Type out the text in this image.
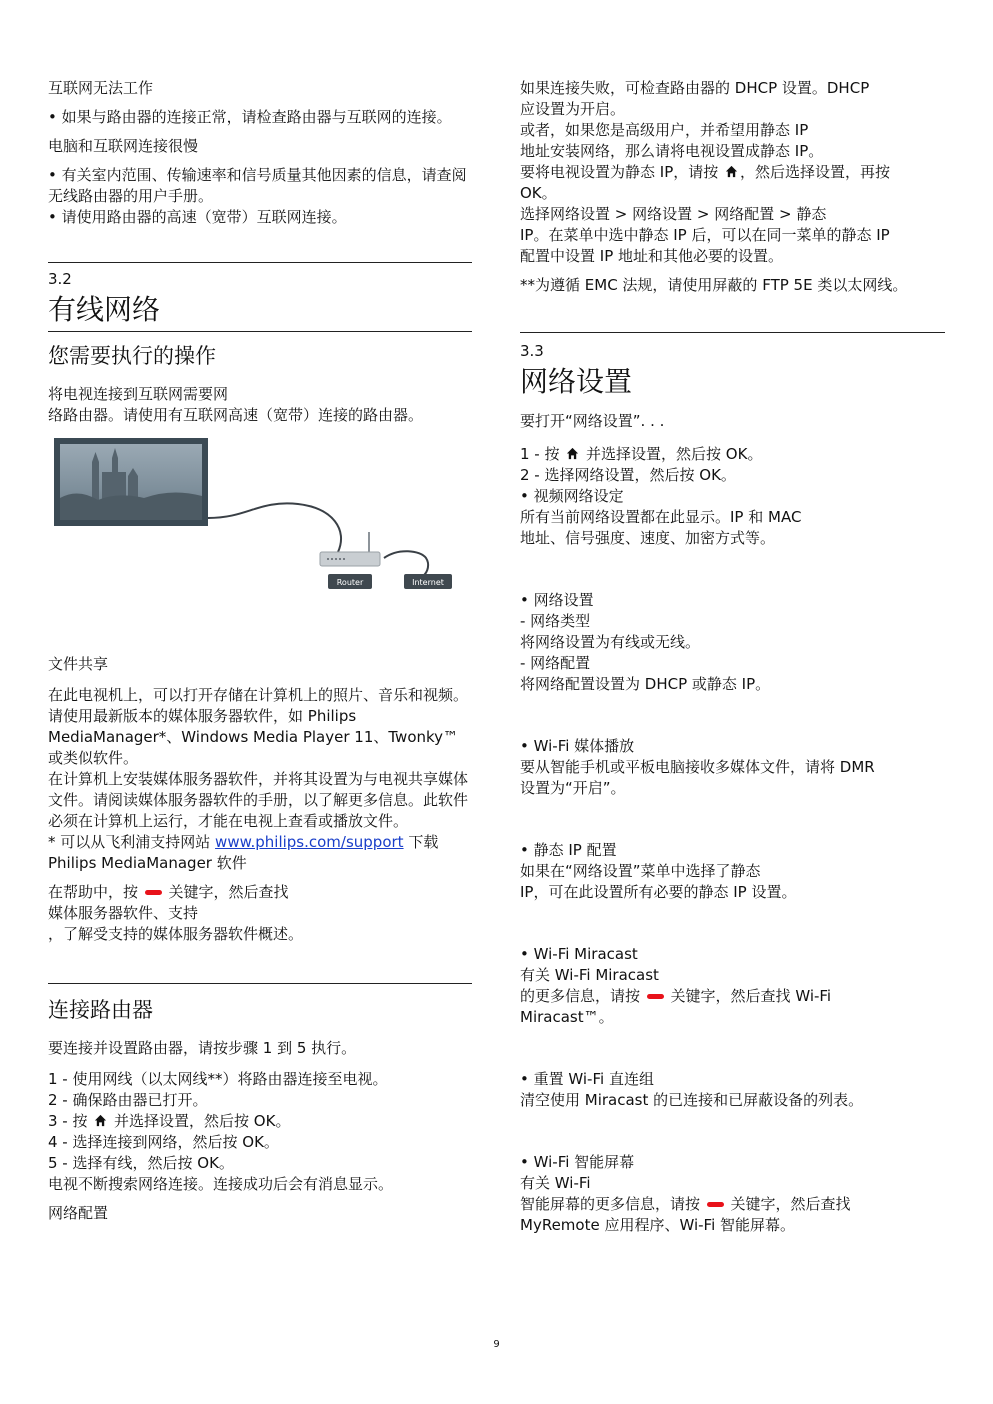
互联网无法工作

• 如果与路由器的连接正常，请检查路由器与互联网的连接。

电脑和互联网连接很慢

• 有关室内范围、传输速率和信号质量其他因素的信息，请查阅无线路由器的用户手册。
• 请使用路由器的高速（宽带）互联网连接。
3.2
有线网络
您需要执行的操作
将电视连接到互联网需要网
络路由器。请使用有互联网高速（宽带）连接的路由器。
Router	Internet

文件共享

在此电视机上，可以打开存储在计算机上的照片、音乐和视频。请使用最新版本的媒体服务器软件，如 Philips MediaManager*、Windows Media Player 11、Twonky™ 或类似软件。
在计算机上安装媒体服务器软件，并将其设置为与电视共享媒体文件。请阅读媒体服务器软件的手册，以了解更多信息。此软件必须在计算机上运行，才能在电视上查看或播放文件。

* 可以从飞利浦支持网站 www.philips.com/support 下载 Philips MediaManager 软件

在帮助中，按  关键字，然后查找
媒体服务器软件、支持
，了解受支持的媒体服务器软件概述。
连接路由器

要连接并设置路由器，请按步骤 1 到 5 执行。

1 - 使用网线（以太网线**）将路由器连接至电视。
2 - 确保路由器已打开。
3 - 按  并选择设置，然后按 OK。
4 - 选择连接到网络，然后按 OK。
5 - 选择有线，然后按 OK。

电视不断搜索网络连接。连接成功后会有消息显示。

网络配置

如果连接失败，可检查路由器的 DHCP 设置。DHCP
应设置为开启。
或者，如果您是高级用户，并希望用静态 IP
地址安装网络，那么请将电视设置成静态 IP。
要将电视设置为静态 IP，请按 ，然后选择设置，再按
OK。
选择网络设置 > 网络设置 > 网络配置 > 静态
IP。在菜单中选中静态 IP 后，可以在同一菜单的静态 IP

配置中设置 IP 地址和其他必要的设置。

**为遵循 EMC 法规，请使用屏蔽的 FTP 5E 类以太网线。

3.3
网络设置

要打开“网络设置”. . .

1 - 按  并选择设置，然后按 OK。
2 - 选择网络设置，然后按 OK。
• 视频网络设定
所有当前网络设置都在此显示。IP 和 MAC
地址、信号强度、速度、加密方式等。
• 网络设置
- 网络类型
将网络设置为有线或无线。
- 网络配置
将网络配置设置为 DHCP 或静态 IP。
• Wi-Fi 媒体播放
要从智能手机或平板电脑接收多媒体文件，请将 DMR
设置为“开启”。
• 静态 IP 配置
如果在“网络设置”菜单中选择了静态
IP，可在此设置所有必要的静态 IP 设置。
• Wi-Fi Miracast
有关 Wi-Fi Miracast
的更多信息，请按  关键字，然后查找 Wi-Fi
Miracast™。
• 重置 Wi-Fi 直连组
清空使用 Miracast 的已连接和已屏蔽设备的列表。
• Wi-Fi 智能屏幕
有关 Wi-Fi
智能屏幕的更多信息，请按  关键字，然后查找
MyRemote 应用程序、Wi-Fi 智能屏幕。
9
